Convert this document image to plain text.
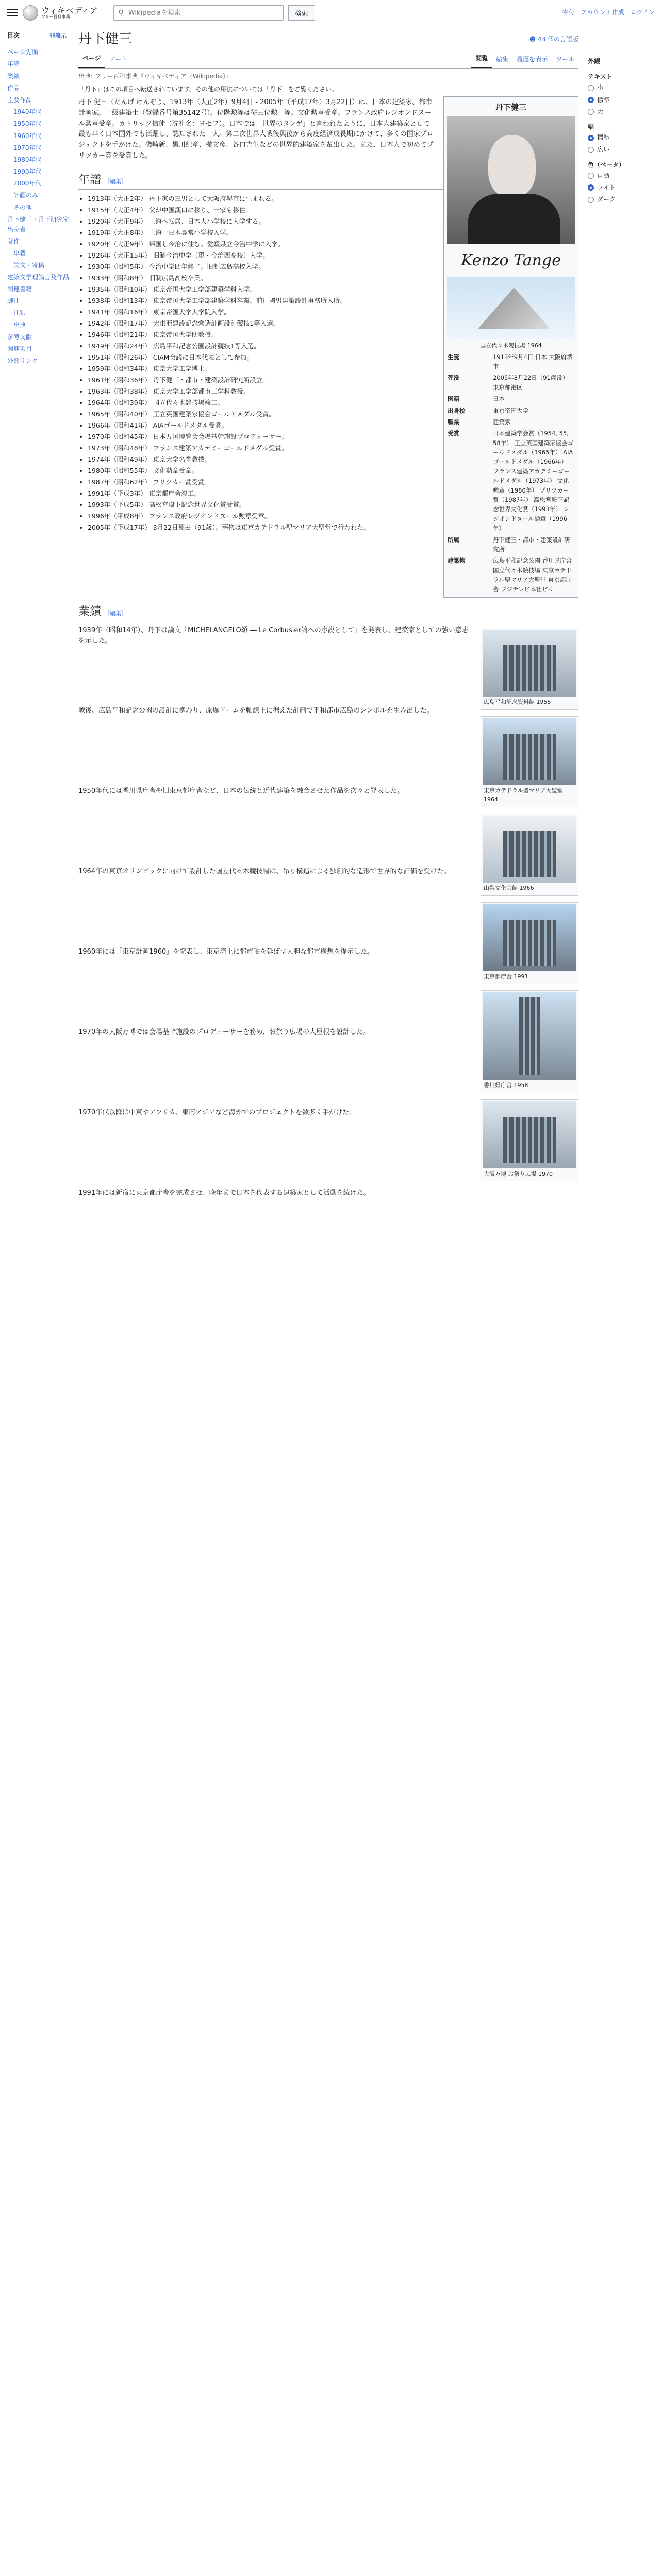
ウィキペディア
フリー百科事典
⚲
Wikipediaを検索	検索	寄付 アカウント作成 ログイン
目次	非表示
ページ先頭
年譜
業績
作品
主要作品
1940年代
1950年代
1960年代
1970年代
1980年代
1990年代
2000年代
計画のみ
その他
丹下健三・丹下研究室出身者
著作
単著
論文・寄稿
建築文学理論言及作品
関連書籍
脚注
注釈
出典
参考文献
関連項目
外部リンク
丹下健三	☻ 43 個の言語版
ページ	ノート	閲覧	編集	履歴を表示	ツール
出典: フリー百科事典『ウィキペディア（Wikipedia）』
「丹下」はこの項目へ転送されています。その他の用法については「丹下」をご覧ください。
丹下健三
Kenzo Tange
国立代々木競技場 1964
生誕	1913年9月4日 日本 大阪府堺市
死没	2005年3月22日（91歳没） 東京都港区
国籍	日本
出身校	東京帝国大学
職業	建築家
受賞	日本建築学会賞（1954, 55, 58年） 王立英国建築家協会ゴールドメダル（1965年） AIAゴールドメダル（1966年） フランス建築アカデミーゴールドメダル（1973年） 文化勲章（1980年） プリツカー賞（1987年） 高松宮殿下記念世界文化賞（1993年） レジオンドヌール勲章（1996年）
所属	丹下健三・都市・建築設計研究所
建築物	広島平和記念公園 香川県庁舎 国立代々木競技場 東京カテドラル聖マリア大聖堂 東京都庁舎 フジテレビ本社ビル

丹下 健三（たんげ けんぞう、1913年（大正2年）9月4日 - 2005年（平成17年）3月22日）は、日本の建築家、都市計画家。一級建築士（登録番号第35142号）。位階勲等は従三位勲一等。文化勲章受章。フランス政府レジオンドヌール勲章受章。カトリック信徒（洗礼名：ヨセフ）。日本では「世界のタンゲ」と言われたように、日本人建築家として最も早く日本国外でも活躍し、認知された一人。第二次世界大戦復興後から高度経済成長期にかけて、多くの国家プロジェクトを手がけた。磯崎新、黒川紀章、槇文彦、谷口吉生などの世界的建築家を輩出した。また、日本人で初めてプリツカー賞を受賞した。

年譜 ［編集］
• 1913年（大正2年） 丹下家の三男として大阪府堺市に生まれる。
• 1915年（大正4年） 父が中国漢口に移り、一家も移住。
• 1920年（大正9年） 上海へ転居、日本人小学校に入学する。
• 1919年（大正8年） 上海一日本尋常小学校入学。
• 1920年（大正9年） 帰国し今治に住む。愛媛県立今治中学に入学。
• 1926年（大正15年） 旧制今治中学（現・今治西高校）入学。
• 1930年（昭和5年） 今治中学四年修了。旧制広島高校入学。
• 1933年（昭和8年） 旧制広島高校卒業。
• 1935年（昭和10年） 東京帝国大学工学部建築学科入学。
• 1938年（昭和13年） 東京帝国大学工学部建築学科卒業。前川國男建築設計事務所入所。
• 1941年（昭和16年） 東京帝国大学大学院入学。
• 1942年（昭和17年） 大東亜建設記念営造計画設計競技1等入選。
• 1946年（昭和21年） 東京帝国大学助教授。
• 1949年（昭和24年） 広島平和記念公園設計競技1等入選。
• 1951年（昭和26年） CIAM会議に日本代表として参加。
• 1959年（昭和34年） 東京大学工学博士。
• 1961年（昭和36年） 丹下健三・都市・建築設計研究所設立。
• 1963年（昭和38年） 東京大学工学部都市工学科教授。
• 1964年（昭和39年） 国立代々木競技場竣工。
• 1965年（昭和40年） 王立英国建築家協会ゴールドメダル受賞。
• 1966年（昭和41年） AIAゴールドメダル受賞。
• 1970年（昭和45年） 日本万国博覧会会場基幹施設プロデューサー。
• 1973年（昭和48年） フランス建築アカデミーゴールドメダル受賞。
• 1974年（昭和49年） 東京大学名誉教授。
• 1980年（昭和55年） 文化勲章受章。
• 1987年（昭和62年） プリツカー賞受賞。
• 1991年（平成3年） 東京都庁舎竣工。
• 1993年（平成5年） 高松宮殿下記念世界文化賞受賞。
• 1996年（平成8年） フランス政府レジオンドヌール勲章受章。
• 2005年（平成17年） 3月22日死去（91歳）。葬儀は東京カテドラル聖マリア大聖堂で行われた。
業績 ［編集］
広島平和記念資料館 1955

1939年（昭和14年）、丹下は論文「MICHELANGELO頌 ― Le Corbusier論への序説として」を発表し、建築家としての強い意志を示した。

東京カテドラル聖マリア大聖堂 1964

戦後、広島平和記念公園の設計に携わり、原爆ドームを軸線上に据えた計画で平和都市広島のシンボルを生み出した。

山梨文化会館 1966

1950年代には香川県庁舎や旧東京都庁舎など、日本の伝統と近代建築を融合させた作品を次々と発表した。

東京都庁舎 1991

1964年の東京オリンピックに向けて設計した国立代々木競技場は、吊り構造による独創的な造形で世界的な評価を受けた。

香川県庁舎 1958

1960年には「東京計画1960」を発表し、東京湾上に都市軸を延ばす大胆な都市構想を提示した。

大阪万博 お祭り広場 1970

1970年の大阪万博では会場基幹施設のプロデューサーを務め、お祭り広場の大屋根を設計した。

1970年代以降は中東やアフリカ、東南アジアなど海外でのプロジェクトを数多く手がけた。

1991年には新宿に東京都庁舎を完成させ、晩年まで日本を代表する建築家として活動を続けた。

外観
テキスト
小
標準
大
幅
標準
広い
色（ベータ）
自動
ライト
ダーク
